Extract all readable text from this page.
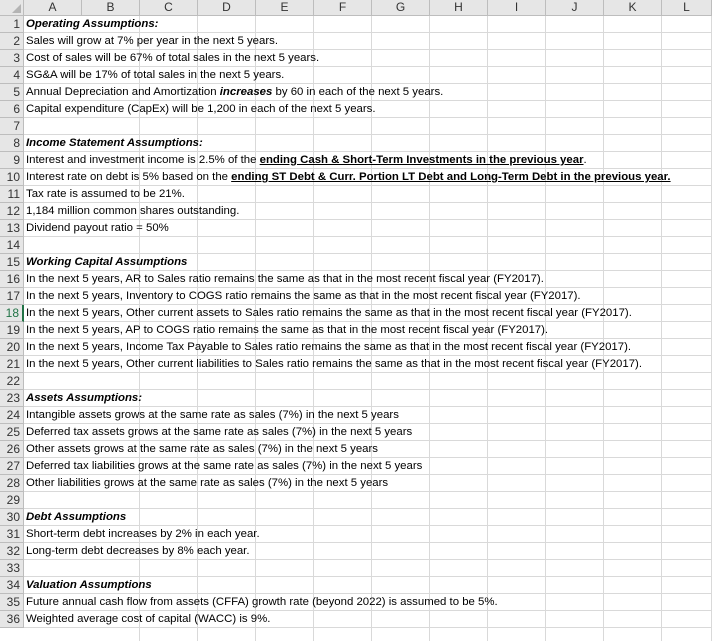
A	B	C	D	E	F	G	H	I	J	K	L
1 Operating Assumptions:
2 Sales will grow at 7% per year in the next 5 years.
3 Cost of sales will be 67% of total sales in the next 5 years.
4 SG&A will be 17% of total sales in the next 5 years.
5 Annual Depreciation and Amortization increases by 60 in each of the next 5 years.
6 Capital expenditure (CapEx) will be 1,200 in each of the next 5 years.
7
8 Income Statement Assumptions:
9 Interest and investment income is 2.5% of the ending Cash & Short-Term Investments in the previous year.
10 Interest rate on debt is 5% based on the ending ST Debt & Curr. Portion LT Debt and Long-Term Debt in the previous year.
11 Tax rate is assumed to be 21%.
12 1,184 million common shares outstanding.
13 Dividend payout ratio = 50%
14
15 Working Capital Assumptions
16 In the next 5 years, AR to Sales ratio remains the same as that in the most recent fiscal year (FY2017).
17 In the next 5 years, Inventory to COGS ratio remains the same as that in the most recent fiscal year (FY2017).
18 In the next 5 years, Other current assets to Sales ratio remains the same as that in the most recent fiscal year (FY2017).
19 In the next 5 years, AP to COGS ratio remains the same as that in the most recent fiscal year (FY2017).
20 In the next 5 years, Income Tax Payable to Sales ratio remains the same as that in the most recent fiscal year (FY2017).
21 In the next 5 years, Other current liabilities to Sales ratio remains the same as that in the most recent fiscal year (FY2017).
22
23 Assets Assumptions:
24 Intangible assets grows at the same rate as sales (7%) in the next 5 years
25 Deferred tax assets grows at the same rate as sales (7%) in the next 5 years
26 Other assets grows at the same rate as sales (7%) in the next 5 years
27 Deferred tax liabilities grows at the same rate as sales (7%) in the next 5 years
28 Other liabilities grows at the same rate as sales (7%) in the next 5 years
29
30 Debt Assumptions
31 Short-term debt increases by 2% in each year.
32 Long-term debt decreases by 8% each year.
33
34 Valuation Assumptions
35 Future annual cash flow from assets (CFFA) growth rate (beyond 2022) is assumed to be 5%.
36 Weighted average cost of capital (WACC) is 9%.
